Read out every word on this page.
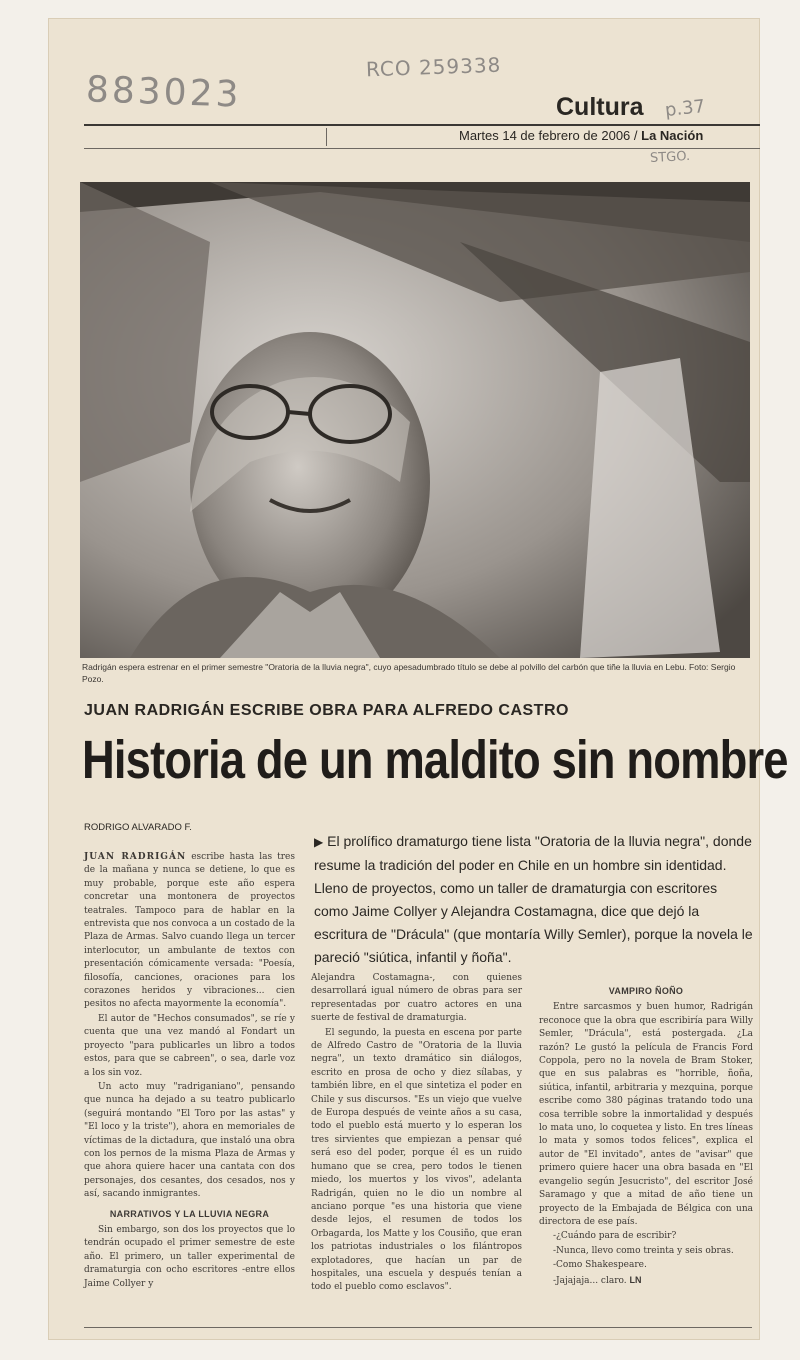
883023
RCO 259338
p.37
STGO.
Cultura
Martes 14 de febrero de 2006 / La Nación
Radrigán espera estrenar en el primer semestre "Oratoria de la lluvia negra", cuyo apesadumbrado título se debe al polvillo del carbón que tiñe la lluvia en Lebu. Foto: Sergio Pozo.
JUAN RADRIGÁN ESCRIBE OBRA PARA ALFREDO CASTRO
Historia de un maldito sin nombre
RODRIGO ALVARADO F.
▶ El prolífico dramaturgo tiene lista "Oratoria de la lluvia negra", donde resume la tradición del poder en Chile en un hombre sin identidad. Lleno de proyectos, como un taller de dramaturgia con escritores como Jaime Collyer y Alejandra Costamagna, dice que dejó la escritura de "Drácula" (que montaría Willy Semler), porque la novela le pareció "siútica, infantil y ñoña".

JUAN RADRIGÁN escribe hasta las tres de la mañana y nunca se detiene, lo que es muy probable, porque este año espera concretar una montonera de proyectos teatrales. Tampoco para de hablar en la entrevista que nos convoca a un costado de la Plaza de Armas. Salvo cuando llega un tercer interlocutor, un ambulante de textos con presentación cómicamente versada: "Poesía, filosofía, canciones, oraciones para los corazones heridos y vibraciones... cien pesitos no afecta mayormente la economía".

El autor de "Hechos consumados", se ríe y cuenta que una vez mandó al Fondart un proyecto "para publicarles un libro a todos estos, para que se cabreen", o sea, darle voz a los sin voz.

Un acto muy "radriganiano", pensando que nunca ha dejado a su teatro publicarlo (seguirá montando "El Toro por las astas" y "El loco y la triste"), ahora en memoriales de víctimas de la dictadura, que instaló una obra con los pernos de la misma Plaza de Armas y que ahora quiere hacer una cantata con dos personajes, dos cesantes, dos cesados, nos y así, sacando inmigrantes.

NARRATIVOS Y LA LLUVIA NEGRA

Sin embargo, son dos los proyectos que lo tendrán ocupado el primer semestre de este año. El primero, un taller experimental de dramaturgia con ocho escritores -entre ellos Jaime Collyer y

Alejandra Costamagna-, con quienes desarrollará igual número de obras para ser representadas por cuatro actores en una suerte de festival de dramaturgia.

El segundo, la puesta en escena por parte de Alfredo Castro de "Oratoria de la lluvia negra", un texto dramático sin diálogos, escrito en prosa de ocho y diez sílabas, y también libre, en el que sintetiza el poder en Chile y sus discursos. "Es un viejo que vuelve de Europa después de veinte años a su casa, todo el pueblo está muerto y lo esperan los tres sirvientes que empiezan a pensar qué será eso del poder, porque él es un ruido humano que se crea, pero todos le tienen miedo, los muertos y los vivos", adelanta Radrigán, quien no le dio un nombre al anciano porque "es una historia que viene desde lejos, el resumen de todos los Orbagarda, los Matte y los Cousiño, que eran los patriotas industriales o los filántropos explotadores, que hacían un par de hospitales, una escuela y después tenían a todo el pueblo como esclavos".

VAMPIRO ÑOÑO

Entre sarcasmos y buen humor, Radrigán reconoce que la obra que escribiría para Willy Semler, "Drácula", está postergada. ¿La razón? Le gustó la película de Francis Ford Coppola, pero no la novela de Bram Stoker, que en sus palabras es "horrible, ñoña, siútica, infantil, arbitraria y mezquina, porque escribe como 380 páginas tratando todo una cosa terrible sobre la inmortalidad y después lo mata uno, lo coquetea y listo. En tres líneas lo mata y somos todos felices", explica el autor de "El invitado", antes de "avisar" que primero quiere hacer una obra basada en "El evangelio según Jesucristo", del escritor José Saramago y que a mitad de año tiene un proyecto de la Embajada de Bélgica con una directora de ese país.

-¿Cuándo para de escribir?

-Nunca, llevo como treinta y seis obras.

-Como Shakespeare.

-Jajajaja... claro. LN
